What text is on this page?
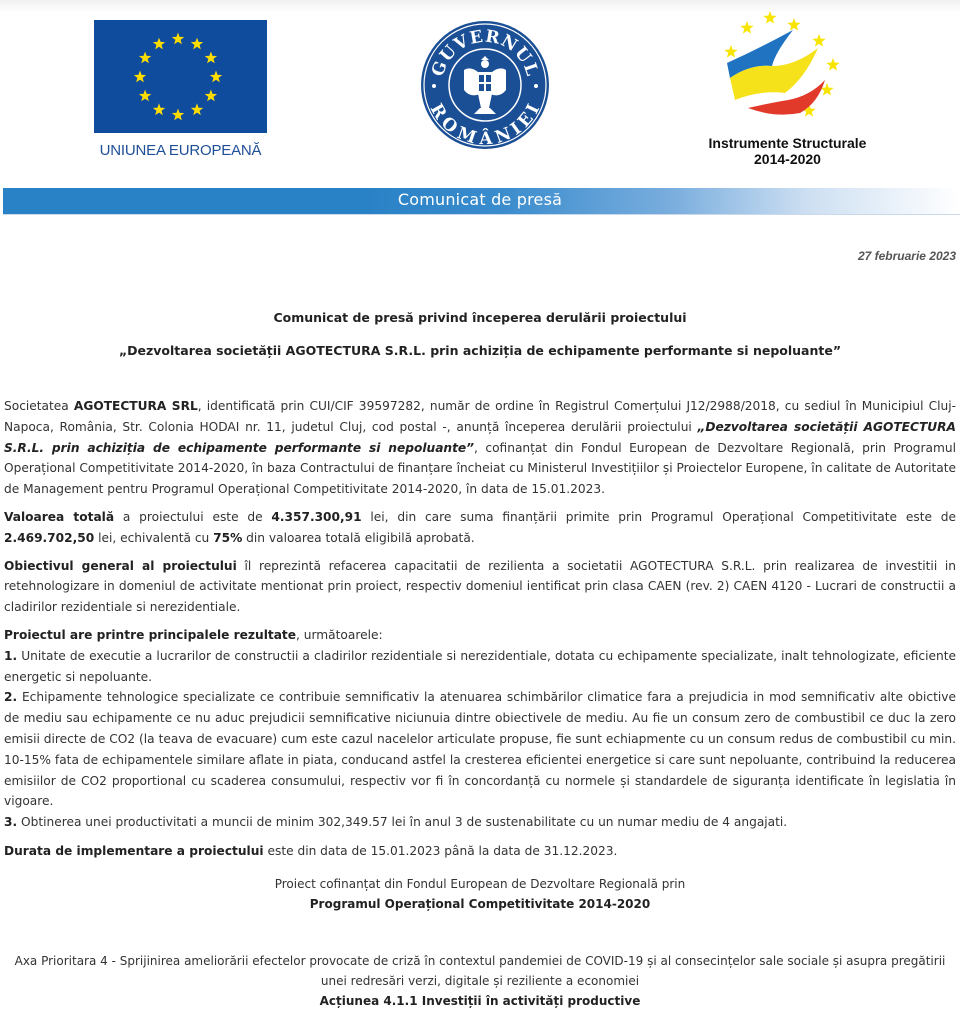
UNIUNEA EUROPEANĂ
GUVERNUL
ROMÂNIEI
Instrumente Structurale
2014-2020
Comunicat de presă
27 februarie 2023
Comunicat de presă privind începerea derulării proiectului
„Dezvoltarea societății AGOTECTURA S.R.L. prin achiziția de echipamente performante si nepoluante”

Societatea AGOTECTURA SRL, identificată prin CUI/CIF 39597282, număr de ordine în Registrul Comerțului J12/2988/2018, cu sediul în Municipiul Cluj-Napoca, România, Str. Colonia HODAI nr. 11, judetul Cluj, cod postal -, anunță începerea derulării proiectului „Dezvoltarea societății AGOTECTURA S.R.L. prin achiziția de echipamente performante si nepoluante”, cofinanțat din Fondul European de Dezvoltare Regională, prin Programul Operațional Competitivitate 2014-2020, în baza Contractului de finanțare încheiat cu Ministerul Investițiilor și Proiectelor Europene, în calitate de Autoritate de Management pentru Programul Operațional Competitivitate 2014-2020, în data de 15.01.2023.

Valoarea totală a proiectului este de 4.357.300,91 lei, din care suma finanțării primite prin Programul Operațional Competitivitate este de 2.469.702,50 lei, echivalentă cu 75% din valoarea totală eligibilă aprobată.

Obiectivul general al proiectului îl reprezintă refacerea capacitatii de rezilienta a societatii AGOTECTURA S.R.L. prin realizarea de investitii in retehnologizare in domeniul de activitate mentionat prin proiect, respectiv domeniul ientificat prin clasa CAEN (rev. 2) CAEN 4120 - Lucrari de constructii a cladirilor rezidentiale si nerezidentiale.

Proiectul are printre principalele rezultate, următoarele:
1. Unitate de executie a lucrarilor de constructii a cladirilor rezidentiale si nerezidentiale, dotata cu echipamente specializate, inalt tehnologizate, eficiente energetic si nepoluante.
2. Echipamente tehnologice specializate ce contribuie semnificativ la atenuarea schimbărilor climatice fara a prejudicia in mod semnificativ alte obictive de mediu sau echipamente ce nu aduc prejudicii semnificative niciunuia dintre obiectivele de mediu. Au fie un consum zero de combustibil ce duc la zero emisii directe de CO2 (la teava de evacuare) cum este cazul nacelelor articulate propuse, fie sunt echiapmente cu un consum redus de combustibil cu min. 10-15% fata de echipamentele similare aflate in piata, conducand astfel la cresterea eficientei energetice si care sunt nepoluante, contribuind la reducerea emisiilor de CO2 proportional cu scaderea consumului, respectiv vor fi în concordanță cu normele și standardele de siguranța identificate în legislatia în vigoare.
3. Obtinerea unei productivitati a muncii de minim 302,349.57 lei în anul 3 de sustenabilitate cu un numar mediu de 4 angajati.

Durata de implementare a proiectului este din data de 15.01.2023 până la data de 31.12.2023.

Proiect cofinanțat din Fondul European de Dezvoltare Regională prin
Programul Operațional Competitivitate 2014-2020
Axa Prioritara 4 - Sprijinirea ameliorării efectelor provocate de criză în contextul pandemiei de COVID-19 și al consecințelor sale sociale și asupra pregătirii unei redresări verzi, digitale și reziliente a economiei
Acțiunea 4.1.1 Investiții în activități productive
